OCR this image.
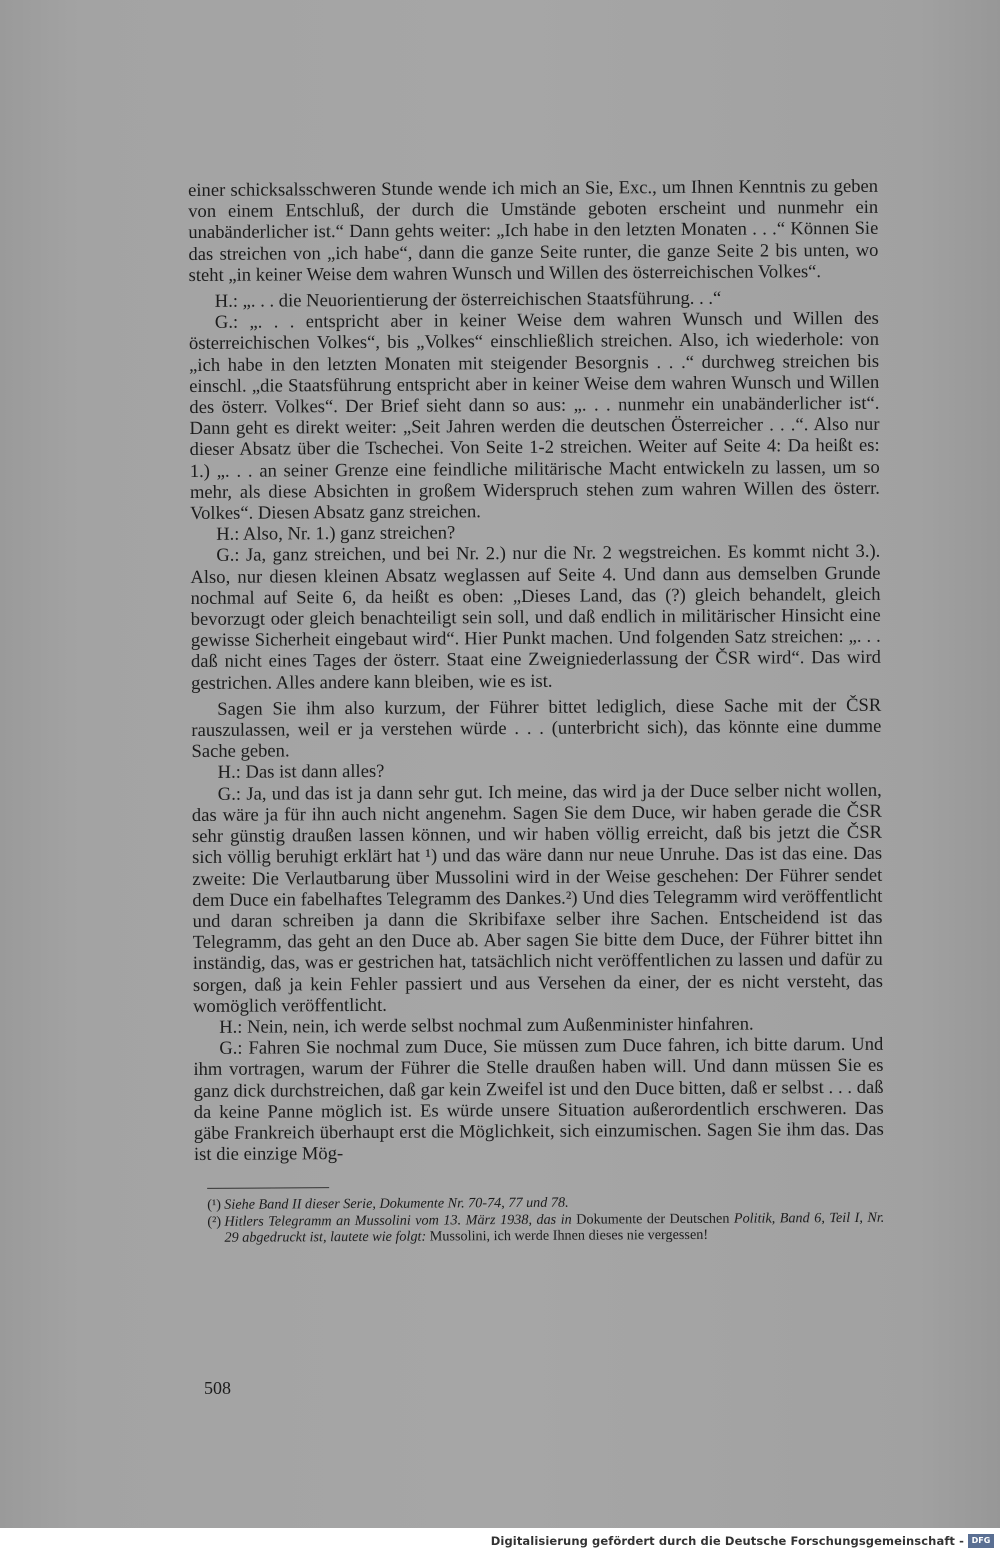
einer schicksalsschweren Stunde wende ich mich an Sie, Exc., um Ihnen Kenntnis zu geben von einem Entschluß, der durch die Umstände geboten erscheint und nunmehr ein unabänderlicher ist.“ Dann gehts weiter: „Ich habe in den letzten Monaten . . .“ Können Sie das streichen von „ich habe“, dann die ganze Seite runter, die ganze Seite 2 bis unten, wo steht „in keiner Weise dem wahren Wunsch und Willen des österreichischen Volkes“.

H.: „. . . die Neuorientierung der österreichischen Staatsführung. . .“

G.: „. . . entspricht aber in keiner Weise dem wahren Wunsch und Willen des österreichischen Volkes“, bis „Volkes“ einschließlich streichen. Also, ich wiederhole: von „ich habe in den letzten Monaten mit steigender Besorgnis . . .“ durchweg streichen bis einschl. „die Staatsführung entspricht aber in keiner Weise dem wahren Wunsch und Willen des österr. Volkes“. Der Brief sieht dann so aus: „. . . nunmehr ein unabänderlicher ist“. Dann geht es direkt weiter: „Seit Jahren werden die deutschen Österreicher . . .“. Also nur dieser Absatz über die Tschechei. Von Seite 1-2 streichen. Weiter auf Seite 4: Da heißt es: 1.) „. . . an seiner Grenze eine feindliche militärische Macht entwickeln zu lassen, um so mehr, als diese Absichten in großem Widerspruch stehen zum wahren Willen des österr. Volkes“. Diesen Absatz ganz streichen.

H.: Also, Nr. 1.) ganz streichen?

G.: Ja, ganz streichen, und bei Nr. 2.) nur die Nr. 2 wegstreichen. Es kommt nicht 3.). Also, nur diesen kleinen Absatz weglassen auf Seite 4. Und dann aus demselben Grunde nochmal auf Seite 6, da heißt es oben: „Dieses Land, das (?) gleich behandelt, gleich bevorzugt oder gleich benachteiligt sein soll, und daß endlich in militärischer Hinsicht eine gewisse Sicherheit eingebaut wird“. Hier Punkt machen. Und folgenden Satz streichen: „. . . daß nicht eines Tages der österr. Staat eine Zweigniederlassung der ČSR wird“. Das wird gestrichen. Alles andere kann bleiben, wie es ist.

Sagen Sie ihm also kurzum, der Führer bittet lediglich, diese Sache mit der ČSR rauszulassen, weil er ja verstehen würde . . . (unterbricht sich), das könnte eine dumme Sache geben.

H.: Das ist dann alles?

G.: Ja, und das ist ja dann sehr gut. Ich meine, das wird ja der Duce selber nicht wollen, das wäre ja für ihn auch nicht angenehm. Sagen Sie dem Duce, wir haben gerade die ČSR sehr günstig draußen lassen können, und wir haben völlig erreicht, daß bis jetzt die ČSR sich völlig beruhigt erklärt hat ¹) und das wäre dann nur neue Unruhe. Das ist das eine. Das zweite: Die Verlautbarung über Mussolini wird in der Weise geschehen: Der Führer sendet dem Duce ein fabelhaftes Telegramm des Dankes.²) Und dies Telegramm wird veröffentlicht und daran schreiben ja dann die Skribifaxe selber ihre Sachen. Entscheidend ist das Telegramm, das geht an den Duce ab. Aber sagen Sie bitte dem Duce, der Führer bittet ihn inständig, das, was er gestrichen hat, tatsächlich nicht veröffentlichen zu lassen und dafür zu sorgen, daß ja kein Fehler passiert und aus Versehen da einer, der es nicht versteht, das womöglich veröffentlicht.

H.: Nein, nein, ich werde selbst nochmal zum Außenminister hinfahren.

G.: Fahren Sie nochmal zum Duce, Sie müssen zum Duce fahren, ich bitte darum. Und ihm vortragen, warum der Führer die Stelle draußen haben will. Und dann müssen Sie es ganz dick durchstreichen, daß gar kein Zweifel ist und den Duce bitten, daß er selbst . . . daß da keine Panne möglich ist. Es würde unsere Situation außerordentlich erschweren. Das gäbe Frankreich überhaupt erst die Möglichkeit, sich einzumischen. Sagen Sie ihm das. Das ist die einzige Mög-

(¹) Siehe Band II dieser Serie, Dokumente Nr. 70-74, 77 und 78.

(²) Hitlers Telegramm an Mussolini vom 13. März 1938, das in Dokumente der Deutschen Politik, Band 6, Teil I, Nr. 29 abgedruckt ist, lautete wie folgt: Mussolini, ich werde Ihnen dieses nie vergessen!

508
Digitalisierung gefördert durch die Deutsche Forschungsgemeinschaft - DFG
